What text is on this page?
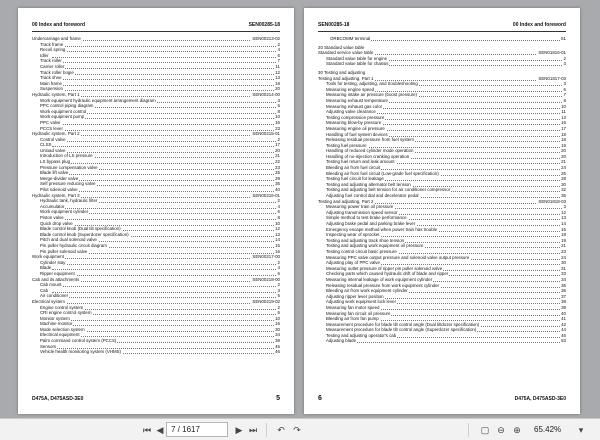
00 Index and foreword	SEN00285-18
Undercarriage and frame	SEN00213-02
Track frame	2
Recoil spring	4
Idler	6
Track roller	7
Carrier roller	11
Track roller bogie	12
Track shoe	13
Main frame	18
Suspension	20
Hydraulic system, Part 1	SEN00214-00
Work equipment hydraulic equipment arrangement diagram	3
PPC control piping diagram	6
Work equipment control	8
Work equipment pump	10
PPC valve	16
PCCS lever	23
Hydraulic system, Part 2	SEN00215-01
Control valve	2
CLSS	17
Unload valve	20
Introduction of LS pressure	21
LS bypass plug	22
Pressure compensation valve	23
Blade lift valve	26
Merge-divider valve	29
Self pressure reducing valve	35
Pilot solenoid valve	40
Hydraulic system, Part 3	SEN00216-01
Hydraulic tank, hydraulic filter	2
Accumulator	4
Work equipment cylinder	6
Piston valve	8
Quick drop valve	10
Blade control knob (Dual tilt specification)	12
Blade control knob (Superdozer specification)	13
Pitch and dual solenoid valve	14
Pin puller hydraulic circuit diagram	15
Pin puller solenoid valve	16
Work equipment	SEN00217-00
Cylinder stay	2
Blade	4
Ripper equipment	6
Cab and its attachments	SEN00218-00
Cab mount	2
Cab	3
Air conditioner	5
Electrical system	SEN00219-02
Engine control system	2
CRI engine control system	6
Monitor system	10
Machine monitor	16
Mode selection system	30
Electrical equipment	34
Palm command control system (PCCS)	38
Sensors	45
Vehicle health monitoring system (VHMS)	46
D475A, D475ASD-3E0	5
SEN00285-18	00 Index and foreword
ORBCOMM terminal	51
20 Standard value table
Standard service value table	SEN01816-01
Standard value table for engine	2
Standard value table for chassis	3
30 Testing and adjusting
Testing and adjusting, Part 1	SEN01817-03
Tools for testing, adjusting, and troubleshooting	3
Measuring engine speed	6
Measuring intake air pressure (boost pressure)	7
Measuring exhaust temperature	8
Measuring exhaust gas color	10
Adjusting valve clearance	11
Testing compression pressure	13
Measuring blow-by pressure	16
Measuring engine oil pressure	17
Handling of fuel system devices	18
Releasing residual pressure from fuel system	18
Testing fuel pressure	19
Handling of reduced cylinder mode operation	20
Handling of no-injection cranking operation	20
Testing fuel return and leak amount	21
Bleeding air from fuel circuit	24
Bleeding air from fuel circuit (Low-grade fuel specification)	26
Testing fuel circuit for leakage	28
Testing and adjusting alternator belt tension	30
Testing and adjusting belt tension for air conditioner compressor	32
Adjusting fuel control dial and decelerator pedal	35
Testing and adjusting, Part 2	SEN01818-03
Measuring power train oil pressure	3
Adjusting transmission speed sensor	12
Simple method to test brake performance	13
Adjusting brake pedal and parking brake lever	14
Emergency escape method when power train has trouble	16
Inspecting wear of sprocket	18
Testing and adjusting track shoe tension	19
Testing and adjusting work equipment oil pressure	21
Testing control circuit basic pressure	23
Measuring PPC valve output pressure and solenoid valve output pressure	24
Adjusting play of PPC valve	30
Measuring outlet pressure of ripper pin puller solenoid valve	31
Checking parts which caused hydraulic drift of blade and ripper	33
Measuring internal leakage of work equipment cylinder	34
Releasing residual pressure from work equipment cylinder	35
Bleeding air from work equipment cylinder	36
Adjusting ripper lever position	37
Adjusting work equipment lock lever	38
Measuring fan motor speed	39
Measuring fan circuit oil pressure	40
Bleeding air from fan pump	41
Measurement procedure for blade tilt control angle (Dual tiltdozer specification)	42
Measurement procedure for blade tilt control angle (Superdozer specification)	44
Testing and adjusting operator's cab	46
Adjusting blade	53
6	D475A, D475ASD-3E0
⏮ ◀ 7 / 1617	▶ ⏭	↶ ↷	▢ ⊖ ⊕	65.42%	▾
